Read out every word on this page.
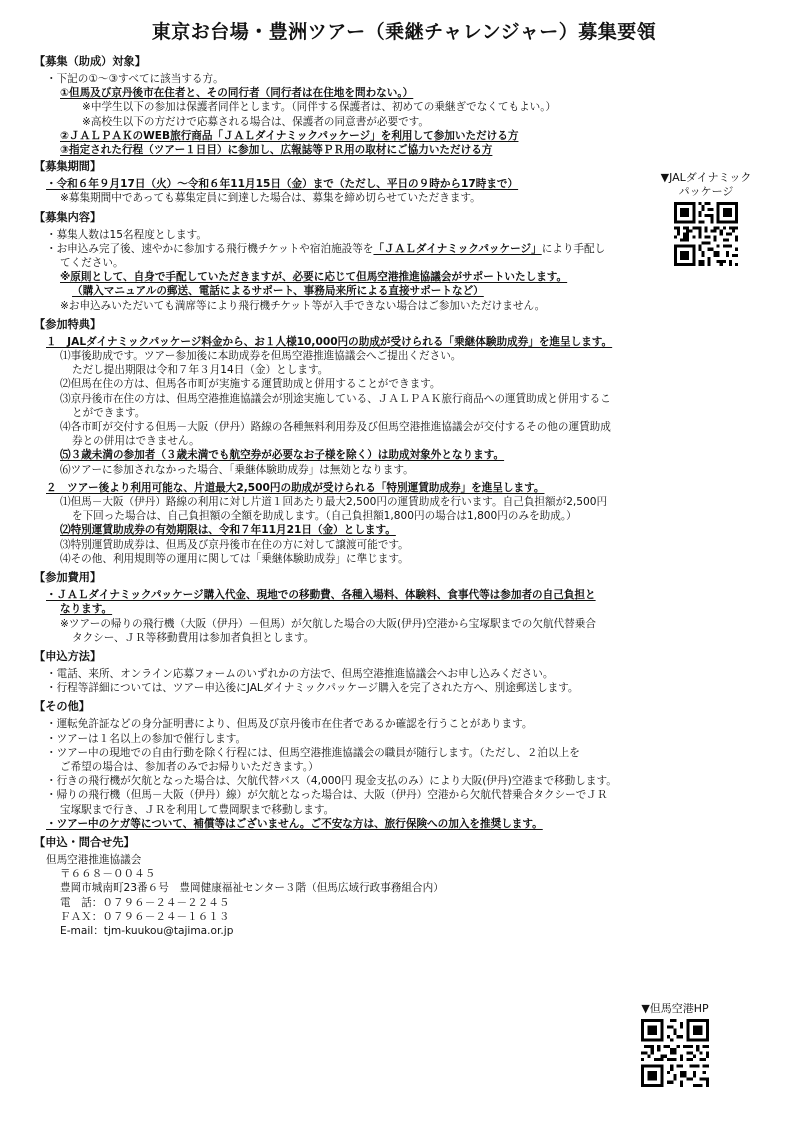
東京お台場・豊洲ツアー（乗継チャレンジャー）募集要領
【募集（助成）対象】
・下記の①～③すべてに該当する方。
①但馬及び京丹後市在住者と、その同行者（同行者は在住地を問わない。）
※中学生以下の参加は保護者同伴とします。（同伴する保護者は、初めての乗継ぎでなくてもよい。）
※高校生以下の方だけで応募される場合は、保護者の同意書が必要です。
②ＪＡＬＰＡＫのWEB旅行商品「ＪＡＬダイナミックパッケージ」を利用して参加いただける方
③指定された行程（ツアー１日目）に参加し、広報誌等ＰＲ用の取材にご協力いただける方
【募集期間】
・令和６年９月17日（火）～令和６年11月15日（金）まで（ただし、平日の９時から17時まで）
※募集期間中であっても募集定員に到達した場合は、募集を締め切らせていただきます。
【募集内容】
・募集人数は15名程度とします。
・お申込み完了後、速やかに参加する飛行機チケットや宿泊施設等を「ＪＡＬダイナミックパッケージ」により手配し
てください。
※原則として、自身で手配していただきますが、必要に応じて但馬空港推進協議会がサポートいたします。
（購入マニュアルの郵送、電話によるサポート、事務局来所による直接サポートなど）
※お申込みいただいても満席等により飛行機チケット等が入手できない場合はご参加いただけません。
【参加特典】
１　JALダイナミックパッケージ料金から、お１人様10,000円の助成が受けられる「乗継体験助成券」を進呈します。
⑴事後助成です。ツアー参加後に本助成券を但馬空港推進協議会へご提出ください。
ただし提出期限は令和７年３月14日（金）とします。
⑵但馬在住の方は、但馬各市町が実施する運賃助成と併用することができます。
⑶京丹後市在住の方は、但馬空港推進協議会が別途実施している、ＪＡＬＰＡＫ旅行商品への運賃助成と併用するこ
とができます。
⑷各市町が交付する但馬－大阪（伊丹）路線の各種無料利用券及び但馬空港推進協議会が交付するその他の運賃助成
券との併用はできません。
⑸３歳未満の参加者（３歳未満でも航空券が必要なお子様を除く）は助成対象外となります。
⑹ツアーに参加されなかった場合、「乗継体験助成券」は無効となります。
２　ツアー後より利用可能な、片道最大2,500円の助成が受けられる「特別運賃助成券」を進呈します。
⑴但馬－大阪（伊丹）路線の利用に対し片道１回あたり最大2,500円の運賃助成を行います。自己負担額が2,500円
を下回った場合は、自己負担額の全額を助成します。（自己負担額1,800円の場合は1,800円のみを助成。）
⑵特別運賃助成券の有効期限は、令和７年11月21日（金）とします。
⑶特別運賃助成券は、但馬及び京丹後市在住の方に対して譲渡可能です。
⑷その他、利用規則等の運用に関しては「乗継体験助成券」に準じます。
【参加費用】
・ＪＡＬダイナミックパッケージ購入代金、現地での移動費、各種入場料、体験料、食事代等は参加者の自己負担と
なります。
※ツアーの帰りの飛行機（大阪（伊丹）－但馬）が欠航した場合の大阪(伊丹)空港から宝塚駅までの欠航代替乗合
タクシー、ＪＲ等移動費用は参加者負担とします。
【申込方法】
・電話、来所、オンライン応募フォームのいずれかの方法で、但馬空港推進協議会へお申し込みください。
・行程等詳細については、ツアー申込後にJALダイナミックパッケージ購入を完了された方へ、別途郵送します。
【その他】
・運転免許証などの身分証明書により、但馬及び京丹後市在住者であるか確認を行うことがあります。
・ツアーは１名以上の参加で催行します。
・ツアー中の現地での自由行動を除く行程には、但馬空港推進協議会の職員が随行します。（ただし、２泊以上を
ご希望の場合は、参加者のみでお帰りいただきます。）
・行きの飛行機が欠航となった場合は、欠航代替バス（4,000円 現金支払のみ）により大阪(伊丹)空港まで移動します。
・帰りの飛行機（但馬－大阪（伊丹）線）が欠航となった場合は、大阪（伊丹）空港から欠航代替乗合タクシーでＪＲ
宝塚駅まで行き、ＪＲを利用して豊岡駅まで移動します。
・ツアー中のケガ等について、補償等はございません。ご不安な方は、旅行保険への加入を推奨します。
【申込・問合せ先】
但馬空港推進協議会
〒６６８－００４５
豊岡市城南町23番６号　豊岡健康福祉センター３階（但馬広域行政事務組合内）
電　話：０７９６－２４－２２４５
ＦＡＸ：０７９６－２４－１６１３
E-mail：tjm-kuukou@tajima.or.jp
▼JALダイナミック
パッケージ
▼但馬空港HP
